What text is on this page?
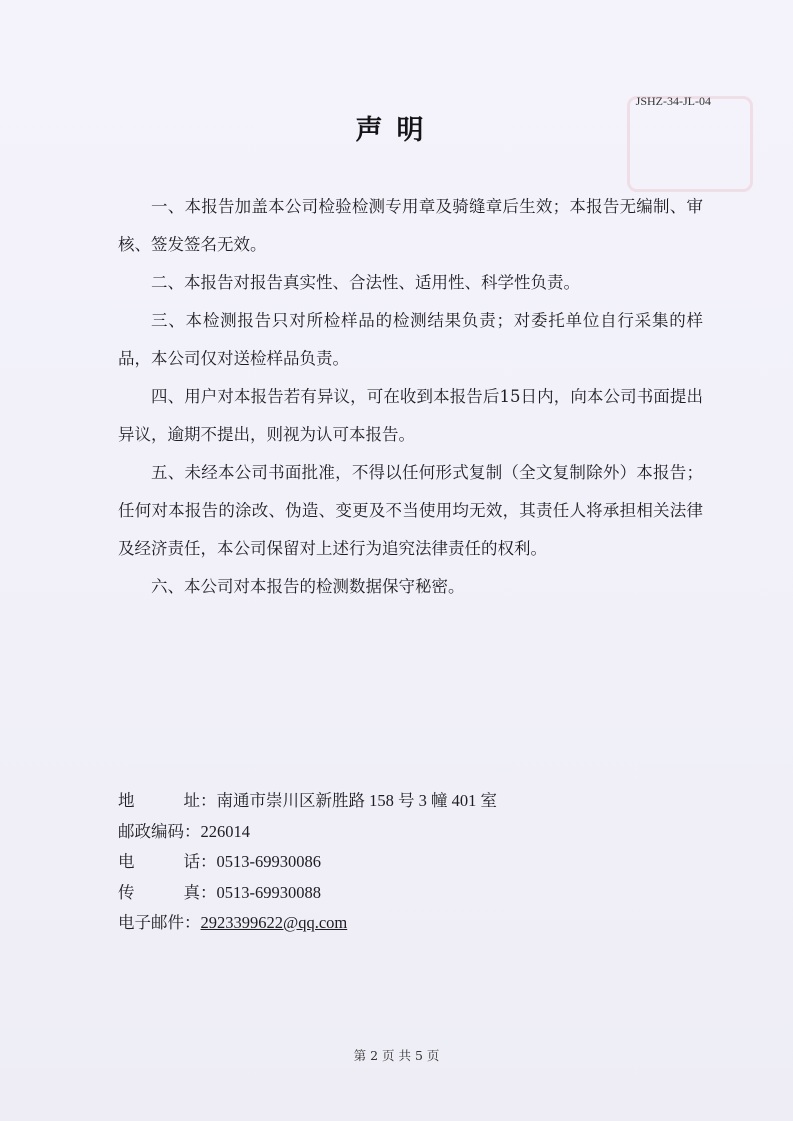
JSHZ-34-JL-04
声明

一、本报告加盖本公司检验检测专用章及骑缝章后生效；本报告无编制、审核、签发签名无效。

二、本报告对报告真实性、合法性、适用性、科学性负责。

三、本检测报告只对所检样品的检测结果负责；对委托单位自行采集的样品，本公司仅对送检样品负责。

四、用户对本报告若有异议，可在收到本报告后15日内，向本公司书面提出异议，逾期不提出，则视为认可本报告。

五、未经本公司书面批准，不得以任何形式复制（全文复制除外）本报告；任何对本报告的涂改、伪造、变更及不当使用均无效，其责任人将承担相关法律及经济责任，本公司保留对上述行为追究法律责任的权利。

六、本公司对本报告的检测数据保守秘密。

地	址 ： 南通市崇川区新胜路 158 号 3 幢 401 室
邮政编码 ： 226014
电	话 ： 0513-69930086
传	真 ： 0513-69930088
电子邮件 ： 2923399622@qq.com
第 2 页 共 5 页
